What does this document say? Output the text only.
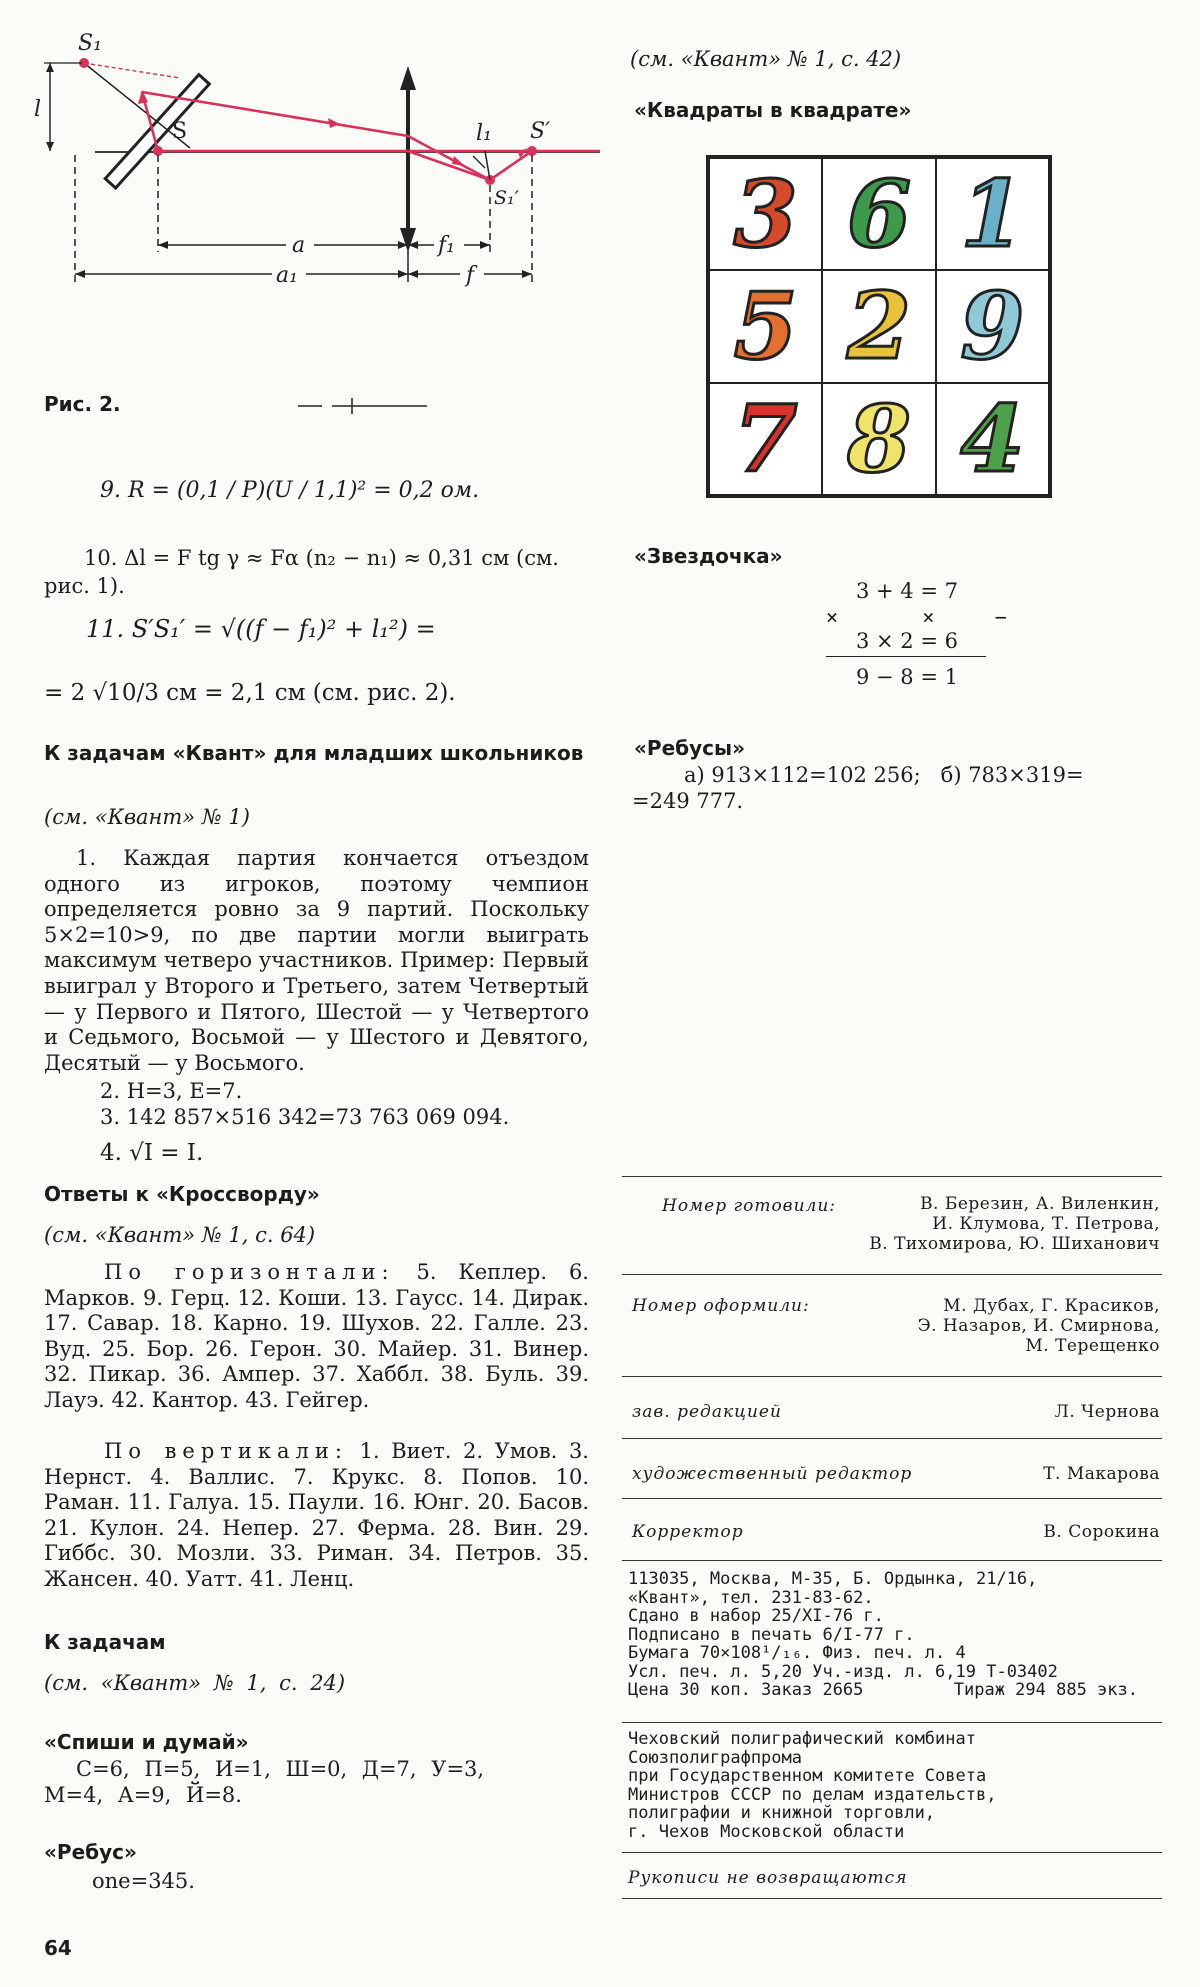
S₁
l
S	l₁ S′
S₁′
a	f₁
a₁	f
Рис. 2.
9. R = (0,1 / P)(U / 1,1)² = 0,2 ом.
10. Δl = F tg γ ≈ Fα (n₂ − n₁) ≈ 0,31 см (см. рис. 1).
11. S′S₁′ = √((f − f₁)² + l₁²) =
= 2 √10/3 см = 2,1 см (см. рис. 2).
К задачам «Квант» для младших школьников
(см. «Квант» № 1)
1. Каждая партия кончается отъездом одного из игроков, поэтому чемпион определяется ровно за 9 партий. Поскольку 5×2=10>9, по две партии могли выиграть максимум четверо участников. Пример: Первый выиграл у Второго и Третьего, затем Четвертый — у Первого и Пятого, Шестой — у Четвертого и Седьмого, Восьмой — у Шестого и Девятого, Десятый — у Восьмого.
2. Н=3, Е=7.
3. 142 857×516 342=73 763 069 094.
4. √I = I.
Ответы к «Кроссворду»
(см. «Квант» № 1, с. 64)
По горизонтали: 5. Кеплер. 6. Марков. 9. Герц. 12. Коши. 13. Гаусс. 14. Дирак. 17. Савар. 18. Карно. 19. Шухов. 22. Галле. 23. Вуд. 25. Бор. 26. Герон. 30. Майер. 31. Винер. 32. Пикар. 36. Ампер. 37. Хаббл. 38. Буль. 39. Лауэ. 42. Кантор. 43. Гейгер.
По вертикали: 1. Виет. 2. Умов. 3. Нернст. 4. Валлис. 7. Крукс. 8. Попов. 10. Раман. 11. Галуа. 15. Паули. 16. Юнг. 20. Басов. 21. Кулон. 24. Непер. 27. Ферма. 28. Вин. 29. Гиббс. 30. Мозли. 33. Риман. 34. Петров. 35. Жансен. 40. Уатт. 41. Ленц.
К задачам
(см. «Квант» № 1, с. 24)
«Спиши и думай»
С=6, П=5, И=1, Ш=0, Д=7, У=3,
М=4, А=9, Й=8.
«Ребус»
one=345.
64
(см. «Квант» № 1, с. 42)
«Квадраты в квадрате»
3 6 1
5 2 9
7 8 4
«Звездочка»
3 + 4 = 7
×       ×     −
3 × 2 = 6
9 − 8 = 1
«Ребусы»
а) 913×112=102 256;   б) 783×319=
=249 777.
Номер готовили:	В. Березин, А. Виленкин,
И. Клумова, Т. Петрова,
В. Тихомирова, Ю. Шихaнович
Номер оформили:	М. Дубах, Г. Красиков,
Э. Назаров, И. Смирнова,
М. Терещенко
зав. редакцией	Л. Чернова
художественный редактор	Т. Макарова
Корректор	В. Сорокина
113035, Москва, М-35, Б. Ордынка, 21/16,
«Квант», тел. 231-83-62.
Сдано в набор 25/XI-76 г.
Подписано в печать 6/I-77 г.
Бумага 70×108¹/₁₆. Физ. печ. л. 4
Усл. печ. л. 5,20 Уч.-изд. л. 6,19 Т-03402
Цена 30 коп. Заказ 2665	Тираж 294 885 экз.
Чеховский полиграфический комбинат
Союзполиграфпрома
при Государственном комитете Совета
Министров СССР по делам издательств,
полиграфии и книжной торговли,
г. Чехов Московской области
Рукописи не возвращаются
